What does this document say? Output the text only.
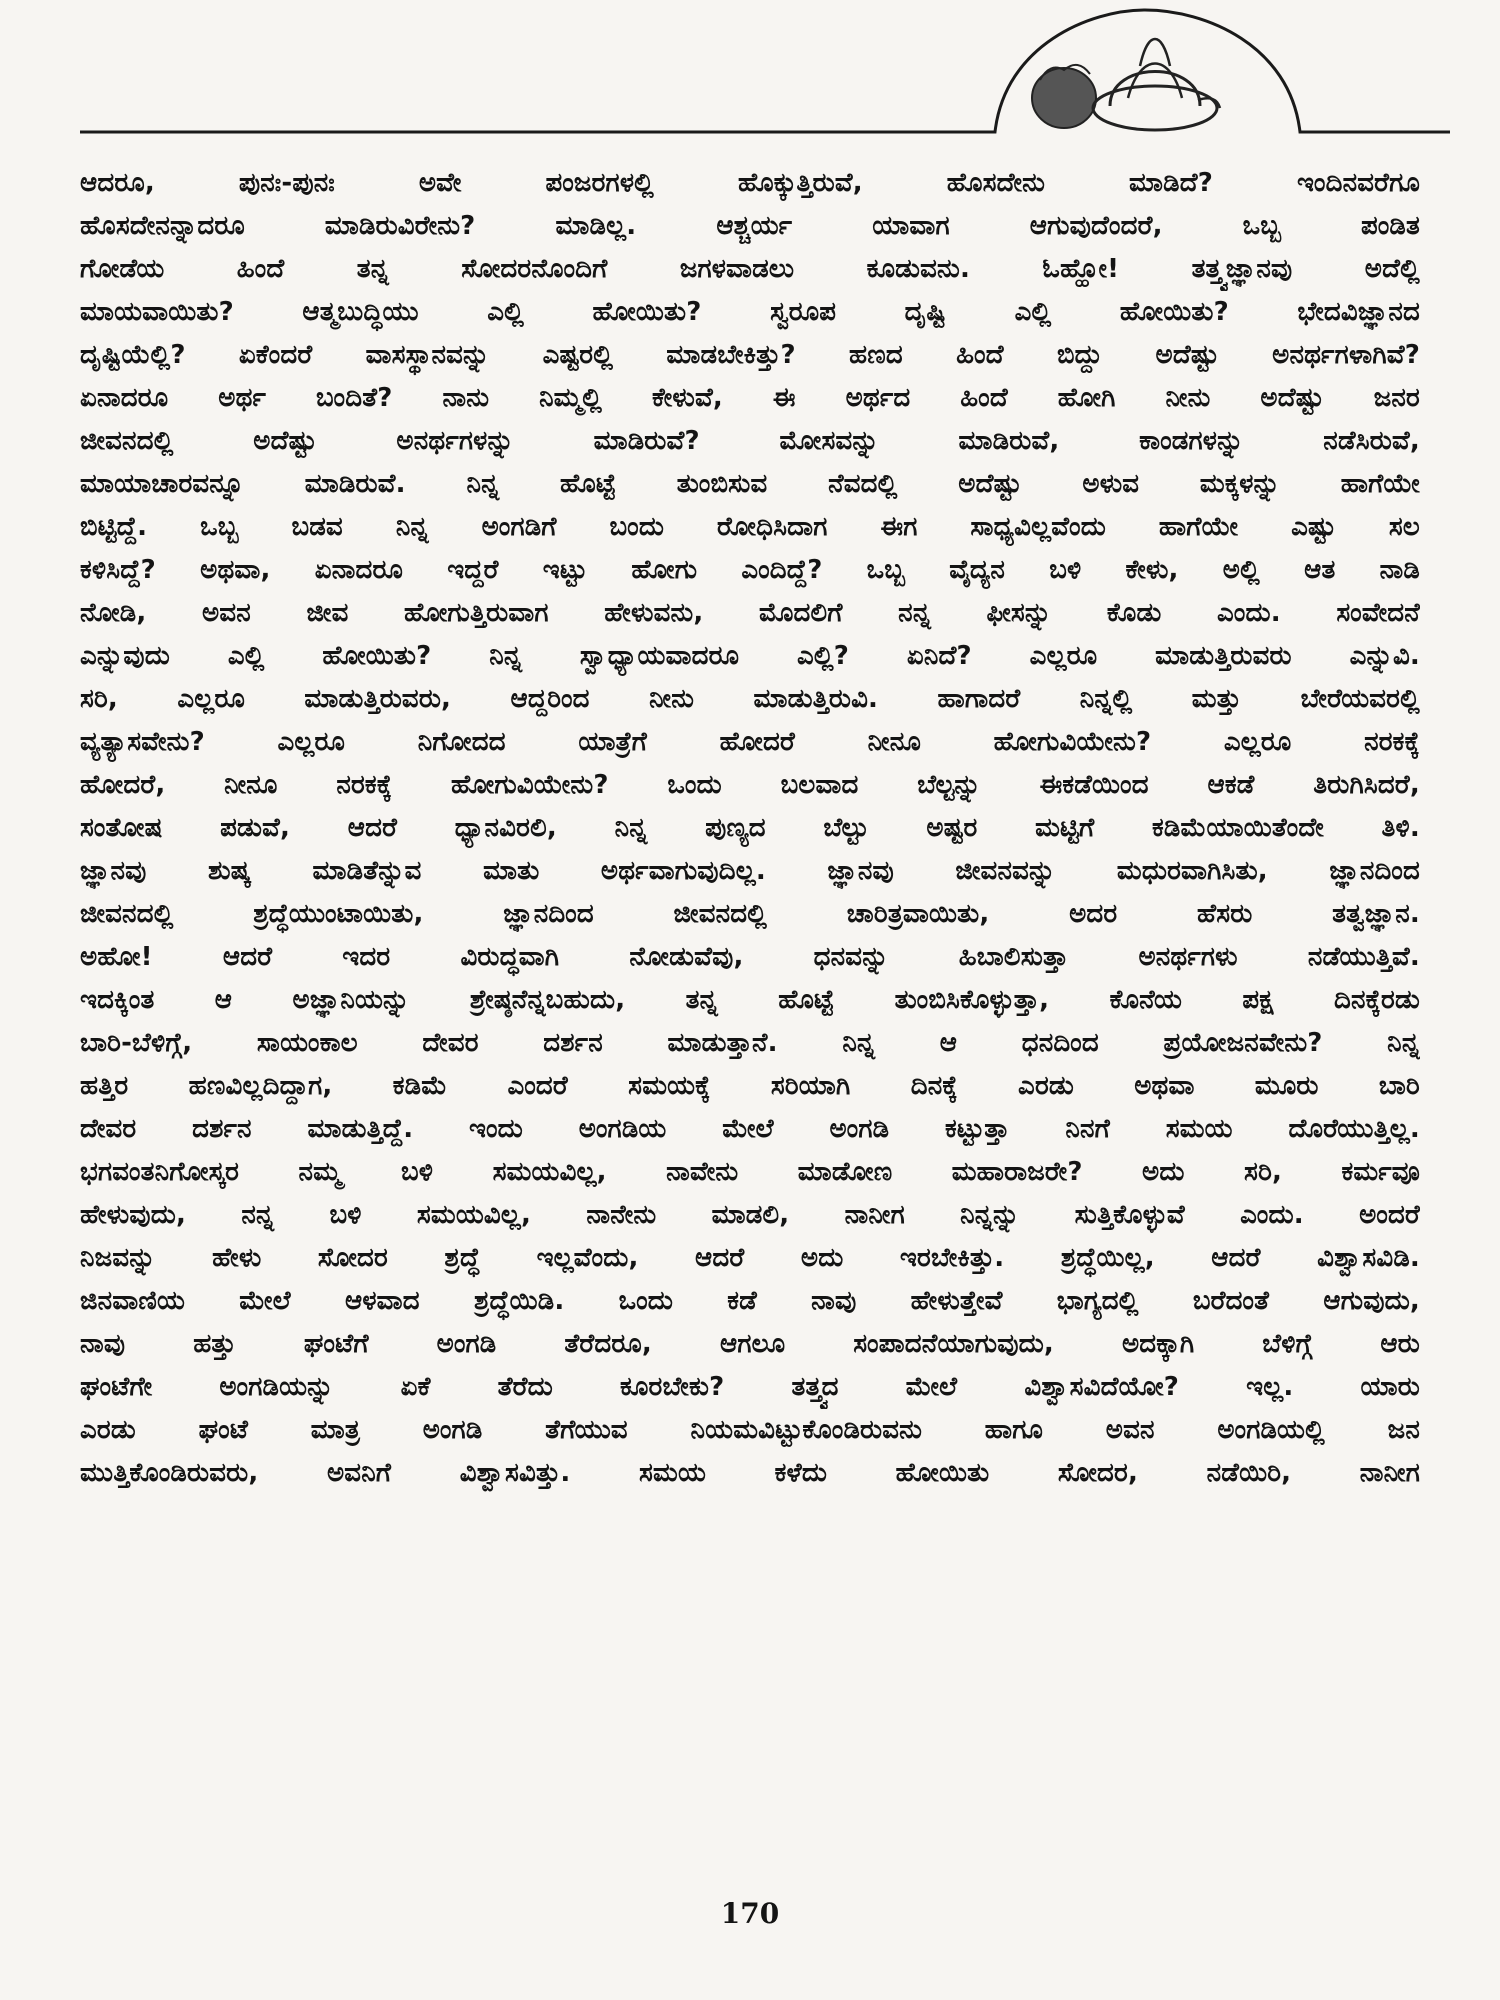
ಆದರೂ, ಪುನಃ-ಪುನಃ ಅವೇ ಪಂಜರಗಳಲ್ಲಿ ಹೊಕ್ಕುತ್ತಿರುವೆ, ಹೊಸದೇನು ಮಾಡಿದೆ? ಇಂದಿನವರೆಗೂ
ಹೊಸದೇನನ್ನಾದರೂ ಮಾಡಿರುವಿರೇನು? ಮಾಡಿಲ್ಲ. ಆಶ್ಚರ್ಯ ಯಾವಾಗ ಆಗುವುದೆಂದರೆ, ಒಬ್ಬ ಪಂಡಿತ
ಗೋಡೆಯ ಹಿಂದೆ ತನ್ನ ಸೋದರನೊಂದಿಗೆ ಜಗಳವಾಡಲು ಕೂಡುವನು. ಓಹ್ಹೋ! ತತ್ತ್ವಜ್ಞಾನವು ಅದೆಲ್ಲಿ
ಮಾಯವಾಯಿತು? ಆತ್ಮಬುದ್ಧಿಯು ಎಲ್ಲಿ ಹೋಯಿತು? ಸ್ವರೂಪ ದೃಷ್ಟಿ ಎಲ್ಲಿ ಹೋಯಿತು? ಭೇದವಿಜ್ಞಾನದ
ದೃಷ್ಟಿಯೆಲ್ಲಿ? ಏಕೆಂದರೆ ವಾಸಸ್ಥಾನವನ್ನು ಎಷ್ಟರಲ್ಲಿ ಮಾಡಬೇಕಿತ್ತು? ಹಣದ ಹಿಂದೆ ಬಿದ್ದು ಅದೆಷ್ಟು ಅನರ್ಥಗಳಾಗಿವೆ?
ಏನಾದರೂ ಅರ್ಥ ಬಂದಿತೆ? ನಾನು ನಿಮ್ಮಲ್ಲಿ ಕೇಳುವೆ, ಈ ಅರ್ಥದ ಹಿಂದೆ ಹೋಗಿ ನೀನು ಅದೆಷ್ಟು ಜನರ
ಜೀವನದಲ್ಲಿ ಅದೆಷ್ಟು ಅನರ್ಥಗಳನ್ನು ಮಾಡಿರುವೆ? ಮೋಸವನ್ನು ಮಾಡಿರುವೆ, ಕಾಂಡಗಳನ್ನು ನಡೆಸಿರುವೆ,
ಮಾಯಾಚಾರವನ್ನೂ ಮಾಡಿರುವೆ. ನಿನ್ನ ಹೊಟ್ಟೆ ತುಂಬಿಸುವ ನೆವದಲ್ಲಿ ಅದೆಷ್ಟು ಅಳುವ ಮಕ್ಕಳನ್ನು ಹಾಗೆಯೇ
ಬಿಟ್ಟಿದ್ದೆ. ಒಬ್ಬ ಬಡವ ನಿನ್ನ ಅಂಗಡಿಗೆ ಬಂದು ರೋಧಿಸಿದಾಗ ಈಗ ಸಾಧ್ಯವಿಲ್ಲವೆಂದು ಹಾಗೆಯೇ ಎಷ್ಟು ಸಲ
ಕಳಿಸಿದ್ದೆ? ಅಥವಾ, ಏನಾದರೂ ಇದ್ದರೆ ಇಟ್ಟು ಹೋಗು ಎಂದಿದ್ದೆ? ಒಬ್ಬ ವೈದ್ಯನ ಬಳಿ ಕೇಳು, ಅಲ್ಲಿ ಆತ ನಾಡಿ
ನೋಡಿ, ಅವನ ಜೀವ ಹೋಗುತ್ತಿರುವಾಗ ಹೇಳುವನು, ಮೊದಲಿಗೆ ನನ್ನ ಫೀಸನ್ನು ಕೊಡು ಎಂದು. ಸಂವೇದನೆ
ಎನ್ನುವುದು ಎಲ್ಲಿ ಹೋಯಿತು? ನಿನ್ನ ಸ್ವಾಧ್ಯಾಯವಾದರೂ ಎಲ್ಲಿ? ಏನಿದೆ? ಎಲ್ಲರೂ ಮಾಡುತ್ತಿರುವರು ಎನ್ನುವಿ.
ಸರಿ, ಎಲ್ಲರೂ ಮಾಡುತ್ತಿರುವರು, ಆದ್ದರಿಂದ ನೀನು ಮಾಡುತ್ತಿರುವಿ. ಹಾಗಾದರೆ ನಿನ್ನಲ್ಲಿ ಮತ್ತು ಬೇರೆಯವರಲ್ಲಿ
ವ್ಯತ್ಯಾಸವೇನು? ಎಲ್ಲರೂ ನಿಗೋದದ ಯಾತ್ರೆಗೆ ಹೋದರೆ ನೀನೂ ಹೋಗುವಿಯೇನು? ಎಲ್ಲರೂ ನರಕಕ್ಕೆ
ಹೋದರೆ, ನೀನೂ ನರಕಕ್ಕೆ ಹೋಗುವಿಯೇನು? ಒಂದು ಬಲವಾದ ಬೆಲ್ಟನ್ನು ಈಕಡೆಯಿಂದ ಆಕಡೆ ತಿರುಗಿಸಿದರೆ,
ಸಂತೋಷ ಪಡುವೆ, ಆದರೆ ಧ್ಯಾನವಿರಲಿ, ನಿನ್ನ ಪುಣ್ಯದ ಬೆಲ್ಟು ಅಷ್ಟರ ಮಟ್ಟಿಗೆ ಕಡಿಮೆಯಾಯಿತೆಂದೇ ತಿಳಿ.
ಜ್ಞಾನವು ಶುಷ್ಕ ಮಾಡಿತೆನ್ನುವ ಮಾತು ಅರ್ಥವಾಗುವುದಿಲ್ಲ. ಜ್ಞಾನವು ಜೀವನವನ್ನು ಮಧುರವಾಗಿಸಿತು, ಜ್ಞಾನದಿಂದ
ಜೀವನದಲ್ಲಿ ಶ್ರದ್ಧೆಯುಂಟಾಯಿತು, ಜ್ಞಾನದಿಂದ ಜೀವನದಲ್ಲಿ ಚಾರಿತ್ರವಾಯಿತು, ಅದರ ಹೆಸರು ತತ್ವಜ್ಞಾನ.
ಅಹೋ! ಆದರೆ ಇದರ ವಿರುದ್ಧವಾಗಿ ನೋಡುವೆವು, ಧನವನ್ನು ಹಿಬಾಲಿಸುತ್ತಾ ಅನರ್ಥಗಳು ನಡೆಯುತ್ತಿವೆ.
ಇದಕ್ಕಿಂತ ಆ ಅಜ್ಞಾನಿಯನ್ನು ಶ್ರೇಷ್ಠನೆನ್ನಬಹುದು, ತನ್ನ ಹೊಟ್ಟೆ ತುಂಬಿಸಿಕೊಳ್ಳುತ್ತಾ, ಕೊನೆಯ ಪಕ್ಷ ದಿನಕ್ಕೆರಡು
ಬಾರಿ-ಬೆಳಿಗ್ಗೆ, ಸಾಯಂಕಾಲ ದೇವರ ದರ್ಶನ ಮಾಡುತ್ತಾನೆ. ನಿನ್ನ ಆ ಧನದಿಂದ ಪ್ರಯೋಜನವೇನು? ನಿನ್ನ
ಹತ್ತಿರ ಹಣವಿಲ್ಲದಿದ್ದಾಗ, ಕಡಿಮೆ ಎಂದರೆ ಸಮಯಕ್ಕೆ ಸರಿಯಾಗಿ ದಿನಕ್ಕೆ ಎರಡು ಅಥವಾ ಮೂರು ಬಾರಿ
ದೇವರ ದರ್ಶನ ಮಾಡುತ್ತಿದ್ದೆ. ಇಂದು ಅಂಗಡಿಯ ಮೇಲೆ ಅಂಗಡಿ ಕಟ್ಟುತ್ತಾ ನಿನಗೆ ಸಮಯ ದೊರೆಯುತ್ತಿಲ್ಲ.
ಭಗವಂತನಿಗೋಸ್ಕರ ನಮ್ಮ ಬಳಿ ಸಮಯವಿಲ್ಲ, ನಾವೇನು ಮಾಡೋಣ ಮಹಾರಾಜರೇ? ಅದು ಸರಿ, ಕರ್ಮವೂ
ಹೇಳುವುದು, ನನ್ನ ಬಳಿ ಸಮಯವಿಲ್ಲ, ನಾನೇನು ಮಾಡಲಿ, ನಾನೀಗ ನಿನ್ನನ್ನು ಸುತ್ತಿಕೊಳ್ಳುವೆ ಎಂದು. ಅಂದರೆ
ನಿಜವನ್ನು ಹೇಳು ಸೋದರ ಶ್ರದ್ಧೆ ಇಲ್ಲವೆಂದು, ಆದರೆ ಅದು ಇರಬೇಕಿತ್ತು. ಶ್ರದ್ಧೆಯಿಲ್ಲ, ಆದರೆ ವಿಶ್ವಾಸವಿಡಿ.
ಜಿನವಾಣಿಯ ಮೇಲೆ ಆಳವಾದ ಶ್ರದ್ಧೆಯಿಡಿ. ಒಂದು ಕಡೆ ನಾವು ಹೇಳುತ್ತೇವೆ ಭಾಗ್ಯದಲ್ಲಿ ಬರೆದಂತೆ ಆಗುವುದು,
ನಾವು ಹತ್ತು ಘಂಟೆಗೆ ಅಂಗಡಿ ತೆರೆದರೂ, ಆಗಲೂ ಸಂಪಾದನೆಯಾಗುವುದು, ಅದಕ್ಕಾಗಿ ಬೆಳಿಗ್ಗೆ ಆರು
ಘಂಟೆಗೇ ಅಂಗಡಿಯನ್ನು ಏಕೆ ತೆರೆದು ಕೂರಬೇಕು? ತತ್ತ್ವದ ಮೇಲೆ ವಿಶ್ವಾಸವಿದೆಯೋ? ಇಲ್ಲ. ಯಾರು
ಎರಡು ಘಂಟೆ ಮಾತ್ರ ಅಂಗಡಿ ತೆಗೆಯುವ ನಿಯಮವಿಟ್ಟುಕೊಂಡಿರುವನು ಹಾಗೂ ಅವನ ಅಂಗಡಿಯಲ್ಲಿ ಜನ
ಮುತ್ತಿಕೊಂಡಿರುವರು, ಅವನಿಗೆ ವಿಶ್ವಾಸವಿತ್ತು. ಸಮಯ ಕಳೆದು ಹೋಯಿತು ಸೋದರ, ನಡೆಯಿರಿ, ನಾನೀಗ
170
